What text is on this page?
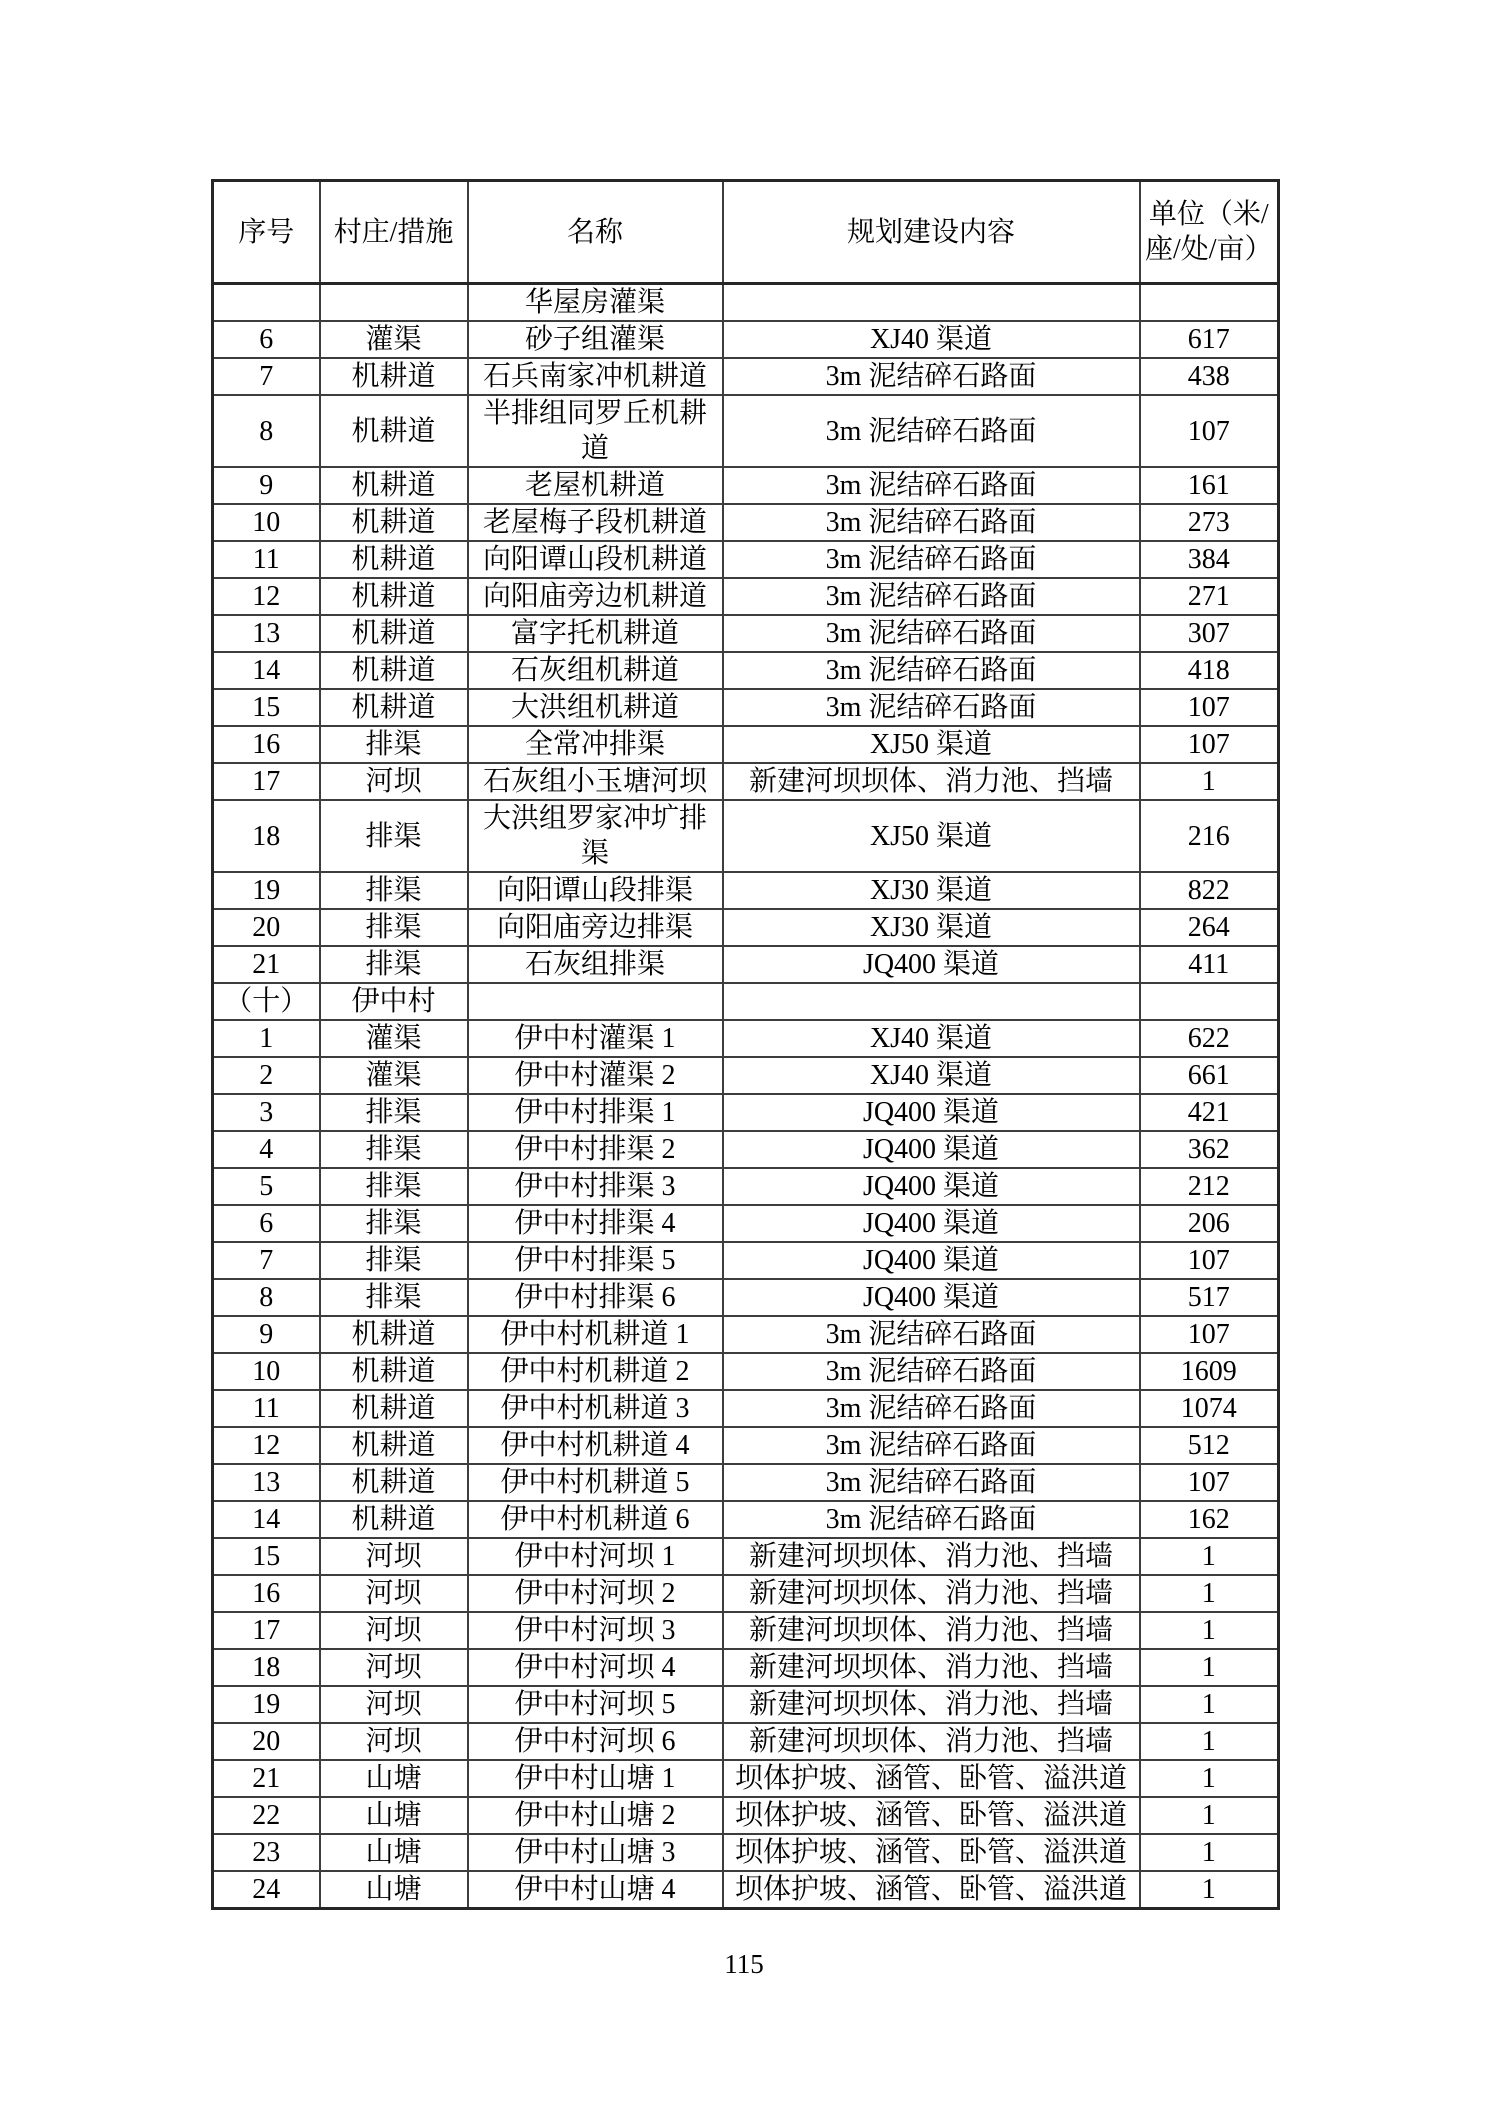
序号	村庄/措施	名称	规划建设内容	单位（米/座/处/亩）
		华屋房灌渠		
6	灌渠	砂子组灌渠	XJ40 渠道	617
7	机耕道	石兵南家冲机耕道	3m 泥结碎石路面	438
8	机耕道	半排组同罗丘机耕道	3m 泥结碎石路面	107
9	机耕道	老屋机耕道	3m 泥结碎石路面	161
10	机耕道	老屋梅子段机耕道	3m 泥结碎石路面	273
11	机耕道	向阳谭山段机耕道	3m 泥结碎石路面	384
12	机耕道	向阳庙旁边机耕道	3m 泥结碎石路面	271
13	机耕道	富字托机耕道	3m 泥结碎石路面	307
14	机耕道	石灰组机耕道	3m 泥结碎石路面	418
15	机耕道	大洪组机耕道	3m 泥结碎石路面	107
16	排渠	全常冲排渠	XJ50 渠道	107
17	河坝	石灰组小玉塘河坝	新建河坝坝体、消力池、挡墙	1
18	排渠	大洪组罗家冲圹排渠	XJ50 渠道	216
19	排渠	向阳谭山段排渠	XJ30 渠道	822
20	排渠	向阳庙旁边排渠	XJ30 渠道	264
21	排渠	石灰组排渠	JQ400 渠道	411
（十）	伊中村			
1	灌渠	伊中村灌渠 1	XJ40 渠道	622
2	灌渠	伊中村灌渠 2	XJ40 渠道	661
3	排渠	伊中村排渠 1	JQ400 渠道	421
4	排渠	伊中村排渠 2	JQ400 渠道	362
5	排渠	伊中村排渠 3	JQ400 渠道	212
6	排渠	伊中村排渠 4	JQ400 渠道	206
7	排渠	伊中村排渠 5	JQ400 渠道	107
8	排渠	伊中村排渠 6	JQ400 渠道	517
9	机耕道	伊中村机耕道 1	3m 泥结碎石路面	107
10	机耕道	伊中村机耕道 2	3m 泥结碎石路面	1609
11	机耕道	伊中村机耕道 3	3m 泥结碎石路面	1074
12	机耕道	伊中村机耕道 4	3m 泥结碎石路面	512
13	机耕道	伊中村机耕道 5	3m 泥结碎石路面	107
14	机耕道	伊中村机耕道 6	3m 泥结碎石路面	162
15	河坝	伊中村河坝 1	新建河坝坝体、消力池、挡墙	1
16	河坝	伊中村河坝 2	新建河坝坝体、消力池、挡墙	1
17	河坝	伊中村河坝 3	新建河坝坝体、消力池、挡墙	1
18	河坝	伊中村河坝 4	新建河坝坝体、消力池、挡墙	1
19	河坝	伊中村河坝 5	新建河坝坝体、消力池、挡墙	1
20	河坝	伊中村河坝 6	新建河坝坝体、消力池、挡墙	1
21	山塘	伊中村山塘 1	坝体护坡、涵管、卧管、溢洪道	1
22	山塘	伊中村山塘 2	坝体护坡、涵管、卧管、溢洪道	1
23	山塘	伊中村山塘 3	坝体护坡、涵管、卧管、溢洪道	1
24	山塘	伊中村山塘 4	坝体护坡、涵管、卧管、溢洪道	1
115
